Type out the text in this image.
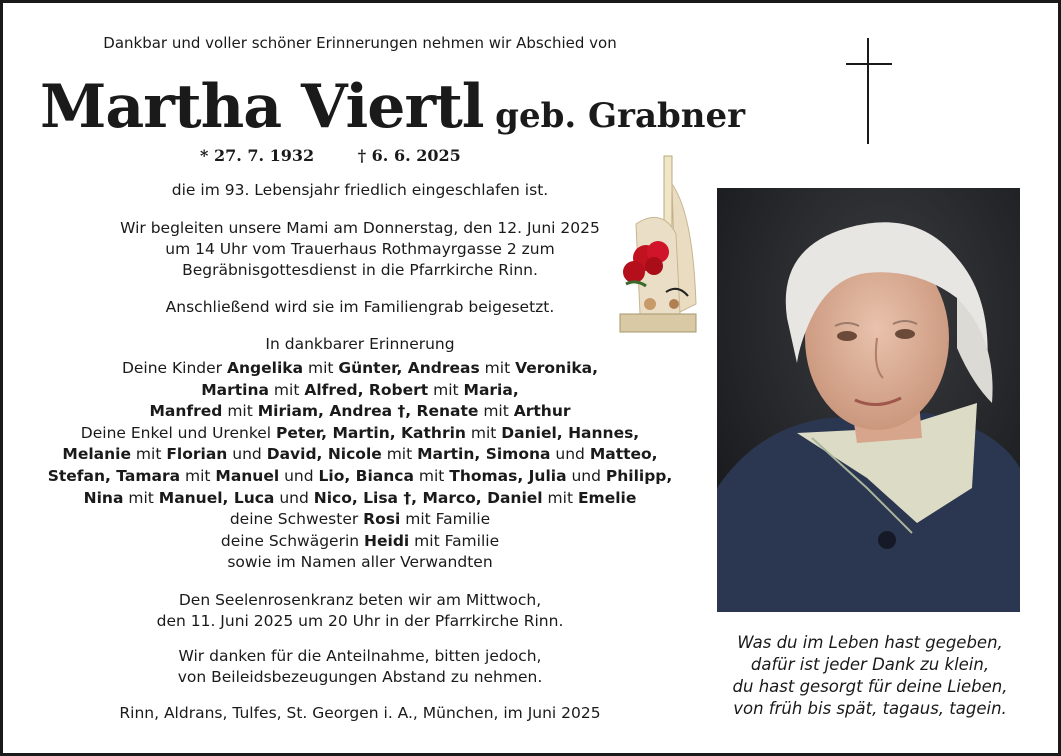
Dankbar und voller schöner Erinnerungen nehmen wir Abschied von
Martha Viertl geb. Grabner
* 27. 7. 1932	† 6. 6. 2025
die im 93. Lebensjahr friedlich eingeschlafen ist.
Wir begleiten unsere Mami am Donnerstag, den 12. Juni 2025
um 14 Uhr vom Trauerhaus Rothmayrgasse 2 zum
Begräbnisgottesdienst in die Pfarrkirche Rinn.
Anschließend wird sie im Familiengrab beigesetzt.
In dankbarer Erinnerung
Deine Kinder Angelika mit Günter, Andreas mit Veronika,
Martina mit Alfred, Robert mit Maria,
Manfred mit Miriam, Andrea †, Renate mit Arthur
Deine Enkel und Urenkel Peter, Martin, Kathrin mit Daniel, Hannes,
Melanie mit Florian und David, Nicole mit Martin, Simona und Matteo,
Stefan, Tamara mit Manuel und Lio, Bianca mit Thomas, Julia und Philipp,
Nina mit Manuel, Luca und Nico, Lisa †, Marco, Daniel mit Emelie
deine Schwester Rosi mit Familie
deine Schwägerin Heidi mit Familie
sowie im Namen aller Verwandten
Den Seelenrosenkranz beten wir am Mittwoch,
den 11. Juni 2025 um 20 Uhr in der Pfarrkirche Rinn.
Wir danken für die Anteilnahme, bitten jedoch,
von Beileidsbezeugungen Abstand zu nehmen.
Rinn, Aldrans, Tulfes, St. Georgen i. A., München, im Juni 2025
Was du im Leben hast gegeben,
dafür ist jeder Dank zu klein,
du hast gesorgt für deine Lieben,
von früh bis spät, tagaus, tagein.
